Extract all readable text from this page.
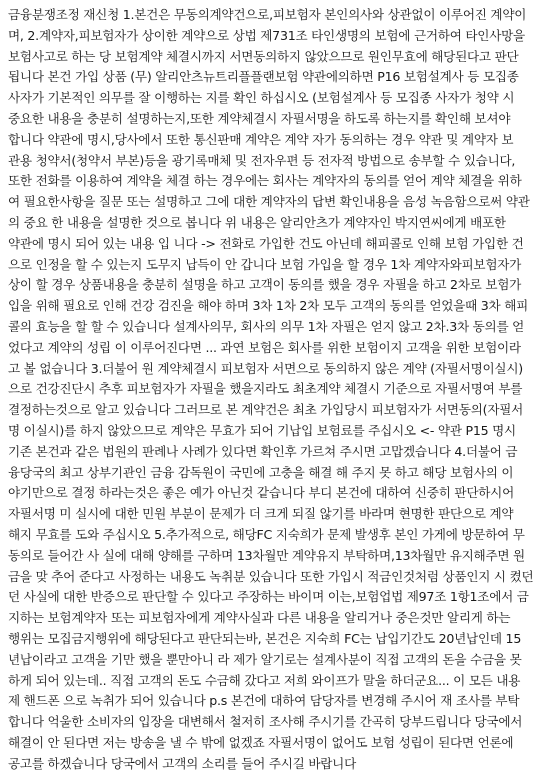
금융분쟁조정 재신청 1.본건은 무동의계약건으로,피보험자 본인의사와 상관없이 이루어진 계약이
며, 2.계약자,피보험자가 상이한 계약으로 상법 제731조 타인생명의 보험에 근거하여 타인사망을
보험사고로 하는 당 보험계약 체결시까지 서면동의하지 않았으므로 원인무효에 해당된다고 판단
됩니다 본건 가입 상품 (무) 알리안츠뉴트리플플랜보험 약관에의하면 P16 보험설계사 등 모집종
사자가 기본적인 의무를 잘 이행하는 지를 확인 하십시오 (보험설계사 등 모집종 사자가 청약 시
중요한 내용을 충분히 설명하는지,또한 계약체결시 자필서명을 하도록 하는지를 확인해 보셔야
합니다 약관에 명시,당사에서 또한 통신판매 계약은 계약 자가 동의하는 경우 약관 및 계약자 보
관용 청약서(청약서 부본)등을 광기록매체 및 전자우편 등 전자적 방법으로 송부할 수 있습니다,
또한 전화를 이용하여 계약을 체결 하는 경우에는 회사는 계약자의 동의를 얻어 계약 체결을 위하
여 필요한사항을 질문 또는 설명하고 그에 대한 계약자의 답변 확인내용을 음성 녹음함으로써 약관
의 중요 한 내용을 설명한 것으로 봅니다 위 내용은 알리안츠가 계약자인 박지연씨에게 배포한
약관에 명시 되어 있는 내용 입 니다 -> 전화로 가입한 건도 아닌데 해피콜로 인해 보험 가입한 건
으로 인정을 할 수 있는지 도무지 납득이 안 갑니다 보험 가입을 할 경우 1차 계약자와피보험자가
상이 할 경우 상품내용을 충분히 설명을 하고 고객이 동의를 했을 경우 자필을 하고 2차로 보험가
입을 위해 필요로 인해 건강 검진을 해야 하며 3차 1차 2차 모두 고객의 동의를 얻었을때 3차 해피
콜의 효능을 할 할 수 있습니다 설계사의무, 회사의 의무 1차 자필은 얻지 않고 2차.3차 동의를 얻
었다고 계약의 성립 이 이루어진다면 ... 과연 보험은 회사를 위한 보험이지 고객을 위한 보험이라
고 볼 없습니다 3.더불어 원 계약체결시 피보험자 서면으로 동의하지 않은 계약 (자필서명이실시)
으로 건강진단시 추후 피보험자가 자필을 했을지라도 최초계약 체결시 기준으로 자필서명여 부를
결정하는것으로 알고 있습니다 그러므로 본 계약건은 최초 가입당시 피보험자가 서면동의(자필서
명 이실시)를 하지 않았으므로 계약은 무효가 되어 기납입 보험료를 주십시오 <- 약관 P15 명시
기존 본건과 같은 법원의 판례나 사례가 있다면 확인후 가르쳐 주시면 고맙겠습니다 4.더불어 금
융당국의 최고 상부기관인 금융 감독원이 국민에 고충을 해결 해 주지 못 하고 해당 보험사의 이
야기만으로 결정 하라는것은 좋은 예가 아닌것 같습니다 부디 본건에 대하여 신중히 판단하시어
자필서명 미 실시에 대한 민원 부분이 문제가 더 크게 되질 않기를 바라며 현명한 판단으로 계약
해지 무효를 도와 주십시오 5.추가적으로, 해당FC 지숙희가 문제 발생후 본인 가게에 방문하여 무
동의로 들어간 사 실에 대해 양해를 구하며 13차월만 계약유지 부탁하며,13차월만 유지해주면 원
금을 맞 추어 준다고 사정하는 내용도 녹취분 있습니다 또한 가입시 적금인것처럼 상품인지 시 켰던
던 사실에 대한 반증으로 판단할 수 있다고 주장하는 바이며 이는,보험업법 제97조 1항1조에서 금
지하는 보험계약자 또는 피보험자에게 계약사실과 다른 내용을 알리거나 중은것만 알리게 하는
행위는 모집금지행위에 해당된다고 판단되는바, 본건은 지숙희 FC는 납입기간도 20년납인데 15
년납이라고 고객을 기만 했을 뿐만아니 라 제가 알기로는 설계사분이 직접 고객의 돈을 수금을 못
하게 되어 있는데.. 직접 고객의 돈도 수금해 갔다고 저희 와이프가 말을 하더군요... 이 모든 내용
제 핸드폰 으로 녹취가 되어 있습니다 p.s 본건에 대하여 담당자를 변경해 주시어 재 조사를 부탁
합니다 억울한 소비자의 입장을 대변해서 철저히 조사해 주시기를 간곡히 당부드립니다 당국에서
해결이 안 된다면 저는 방송을 낼 수 밖에 없겠죠 자필서명이 없어도 보험 성립이 된다면 언론에
공고를 하겠습니다 당국에서 고객의 소리를 들어 주시길 바랍니다
